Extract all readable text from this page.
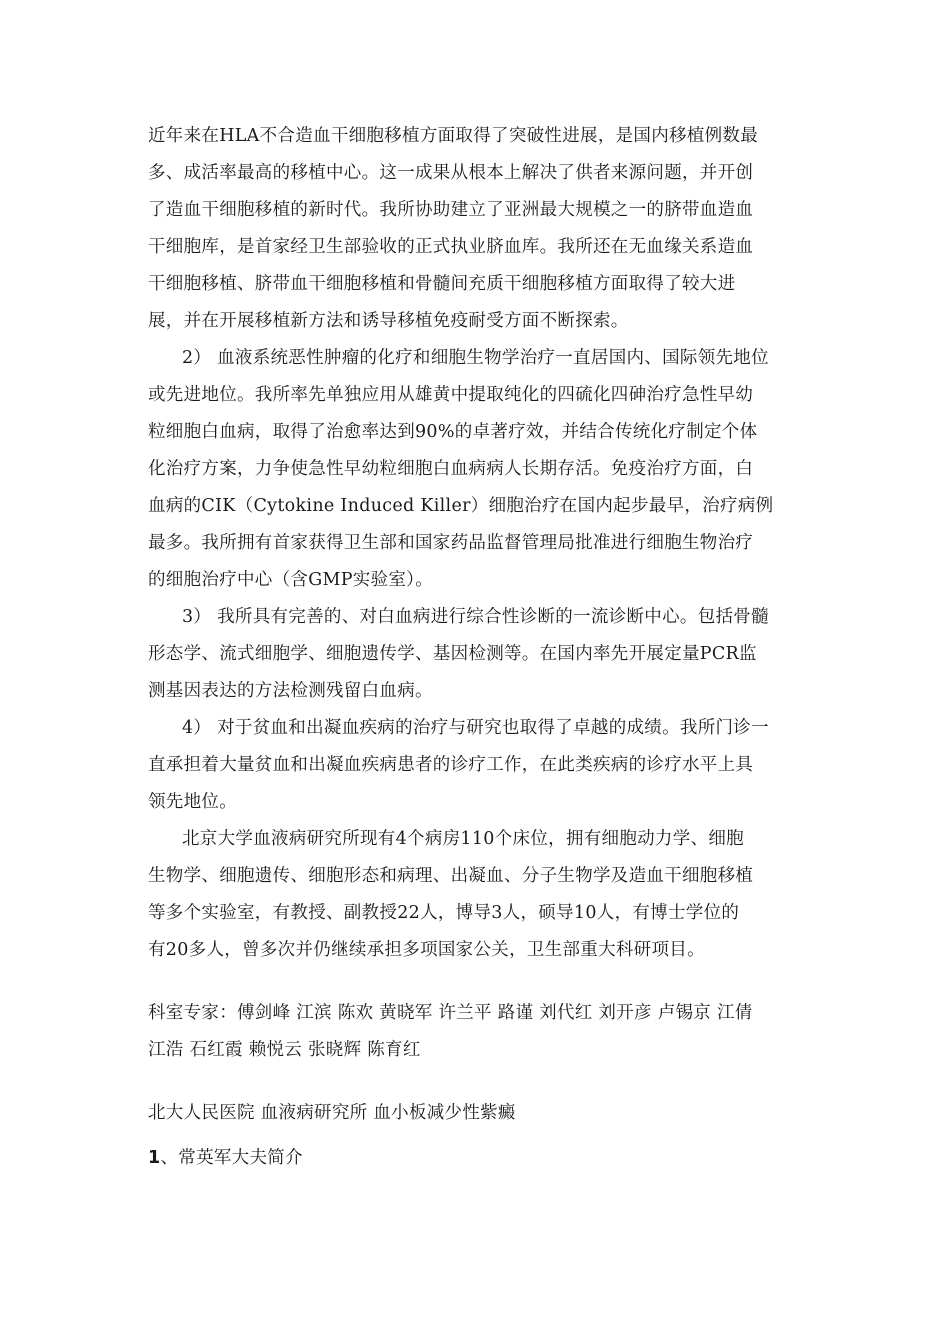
近年来在HLA不合造血干细胞移植方面取得了突破性进展，是国内移植例数最
多、成活率最高的移植中心。这一成果从根本上解决了供者来源问题，并开创
了造血干细胞移植的新时代。我所协助建立了亚洲最大规模之一的脐带血造血
干细胞库，是首家经卫生部验收的正式执业脐血库。我所还在无血缘关系造血
干细胞移植、脐带血干细胞移植和骨髓间充质干细胞移植方面取得了较大进
展，并在开展移植新方法和诱导移植免疫耐受方面不断探索。
2） 血液系统恶性肿瘤的化疗和细胞生物学治疗一直居国内、国际领先地位
或先进地位。我所率先单独应用从雄黄中提取纯化的四硫化四砷治疗急性早幼
粒细胞白血病，取得了治愈率达到90%的卓著疗效，并结合传统化疗制定个体
化治疗方案，力争使急性早幼粒细胞白血病病人长期存活。免疫治疗方面，白
血病的CIK（Cytokine Induced Killer）细胞治疗在国内起步最早，治疗病例
最多。我所拥有首家获得卫生部和国家药品监督管理局批准进行细胞生物治疗
的细胞治疗中心（含GMP实验室）。
3） 我所具有完善的、对白血病进行综合性诊断的一流诊断中心。包括骨髓
形态学、流式细胞学、细胞遗传学、基因检测等。在国内率先开展定量PCR监
测基因表达的方法检测残留白血病。
4） 对于贫血和出凝血疾病的治疗与研究也取得了卓越的成绩。我所门诊一
直承担着大量贫血和出凝血疾病患者的诊疗工作，在此类疾病的诊疗水平上具
领先地位。
北京大学血液病研究所现有4个病房110个床位，拥有细胞动力学、细胞
生物学、细胞遗传、细胞形态和病理、出凝血、分子生物学及造血干细胞移植
等多个实验室，有教授、副教授22人，博导3人，硕导10人，有博士学位的
有20多人，曾多次并仍继续承担多项国家公关，卫生部重大科研项目。
科室专家：傅剑峰 江滨 陈欢 黄晓军 许兰平 路谨 刘代红 刘开彦 卢锡京 江倩
江浩 石红霞 赖悦云 张晓辉 陈育红
北大人民医院 血液病研究所 血小板减少性紫癜
1、常英军大夫简介
